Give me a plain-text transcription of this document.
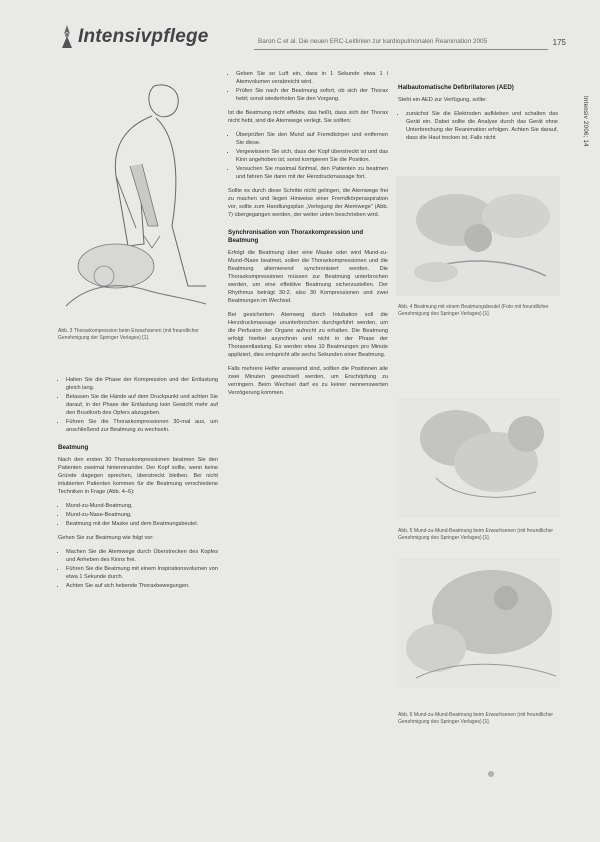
Intensivpflege	Baron C et al. Die neuen ERC-Leitlinien zur kardiopulmonalen Reanimation 2005	175
Intensiv 2006; 14
Abb. 3 Thoraxkompression beim Erwachsenen (mit freundlicher Genehmigung der Springer Verlages) [1].
Abb. 4 Beatmung mit einem Beatmungsbeutel (Foto mit freundlicher Genehmigung des Springer Verlages) [1].
Abb. 5 Mund-zu-Mund-Beatmung beim Erwachsenen (mit freundlicher Genehmigung des Springer Verlages) [1].
Abb. 6 Mund-zu-Mund-Beatmung beim Erwachsenen (mit freundlicher Genehmigung des Springer Verlages) [1].
• Halten Sie die Phase der Kompression und der Entlastung gleich lang.
• Belassen Sie die Hände auf dem Druckpunkt und achten Sie darauf, in der Phase der Entlastung kein Gewicht mehr auf den Brustkorb des Opfers abzugeben.
• Führen Sie die Thoraxkompressionen 30-mal aus, um anschließend zur Beatmung zu wechseln.
Beatmung

Nach den ersten 30 Thoraxkompressionen beatmen Sie den Patienten zweimal hintereinander. Der Kopf sollte, wenn keine Gründe dagegen sprechen, überstreckt bleiben. Bei nicht intubierten Patienten kommen für die Beatmung verschiedene Techniken in Frage (Abb. 4–6):

• Mund-zu-Mund-Beatmung,
• Mund-zu-Nase-Beatmung,
• Beatmung mit der Maske und dem Beatmungsbeutel.

Gehen Sie zur Beatmung wie folgt vor:

• Machen Sie die Atemwege durch Überstrecken des Kopfes und Anheben des Kinns frei.
• Führen Sie die Beatmung mit einem Inspirationsvolumen von etwa 1 Sekunde durch.
• Achten Sie auf sich hebende Thoraxbewegungen.
• Geben Sie so Luft ein, dass in 1 Sekunde etwa 1 l Atemvolumen verabreicht wird.
• Prüfen Sie nach der Beatmung sofort, ob sich der Thorax hebt; sonst wiederholen Sie den Vorgang.

Ist die Beatmung nicht effektiv, das heißt, dass sich der Thorax nicht hebt, sind die Atemwege verlegt. Sie sollten:

• Überprüfen Sie den Mund auf Fremdkörper und entfernen Sie diese.
• Vergewissern Sie sich, dass der Kopf überstreckt ist und das Kinn angehoben ist; sonst korrigieren Sie die Position.
• Versuchen Sie maximal fünfmal, den Patienten zu beatmen und fahren Sie dann mit der Herzdruckmassage fort.

Sollte es durch diese Schritte nicht gelingen, die Atemwege frei zu machen und liegen Hinweise einer Fremdkörperaspiration vor, sollte zum Handlungsplan „Verlegung der Atemwege“ (Abb. 7) übergegangen werden, der weiter unten beschrieben wird.

Synchronisation von Thoraxkompression und Beatmung

Erfolgt die Beatmung über eine Maske oder wird Mund-zu-Mund-/Nase beatmet, sollen die Thoraxkompressionen und die Beatmung alternierend synchronisiert werden. Die Thoraxkompressionen müssen zur Beatmung unterbrochen werden, um eine effektive Beatmung sicherzustellen. Der Rhythmus beträgt 30:2, also 30 Kompressionen und zwei Beatmungen im Wechsel.

Bei gesichertem Atemweg durch Intubation soll die Herzdruckmassage ununterbrochen durchgeführt werden, um die Perfusion der Organe aufrecht zu erhalten. Die Beatmung erfolgt hierbei asynchron und nicht in der Phase der Thoraxentlastung. Es werden etwa 10 Beatmungen pro Minute appliziert, dies entspricht alle sechs Sekunden einer Beatmung.

Falls mehrere Helfer anwesend sind, sollten die Positionen alle zwei Minuten gewechselt werden, um Erschöpfung zu verringern. Beim Wechsel darf es zu keiner nennenswerten Verzögerung kommen.

Halbautomatische Defibrillatoren (AED)

Steht ein AED zur Verfügung, sollte:

• zunächst Sie die Elektroden aufkleben und schalten das Gerät ein. Dabei sollte die Analyse durch das Gerät ohne Unterbrechung der Reanimation erfolgen. Achten Sie darauf, dass die Haut trocken ist. Falls nicht
